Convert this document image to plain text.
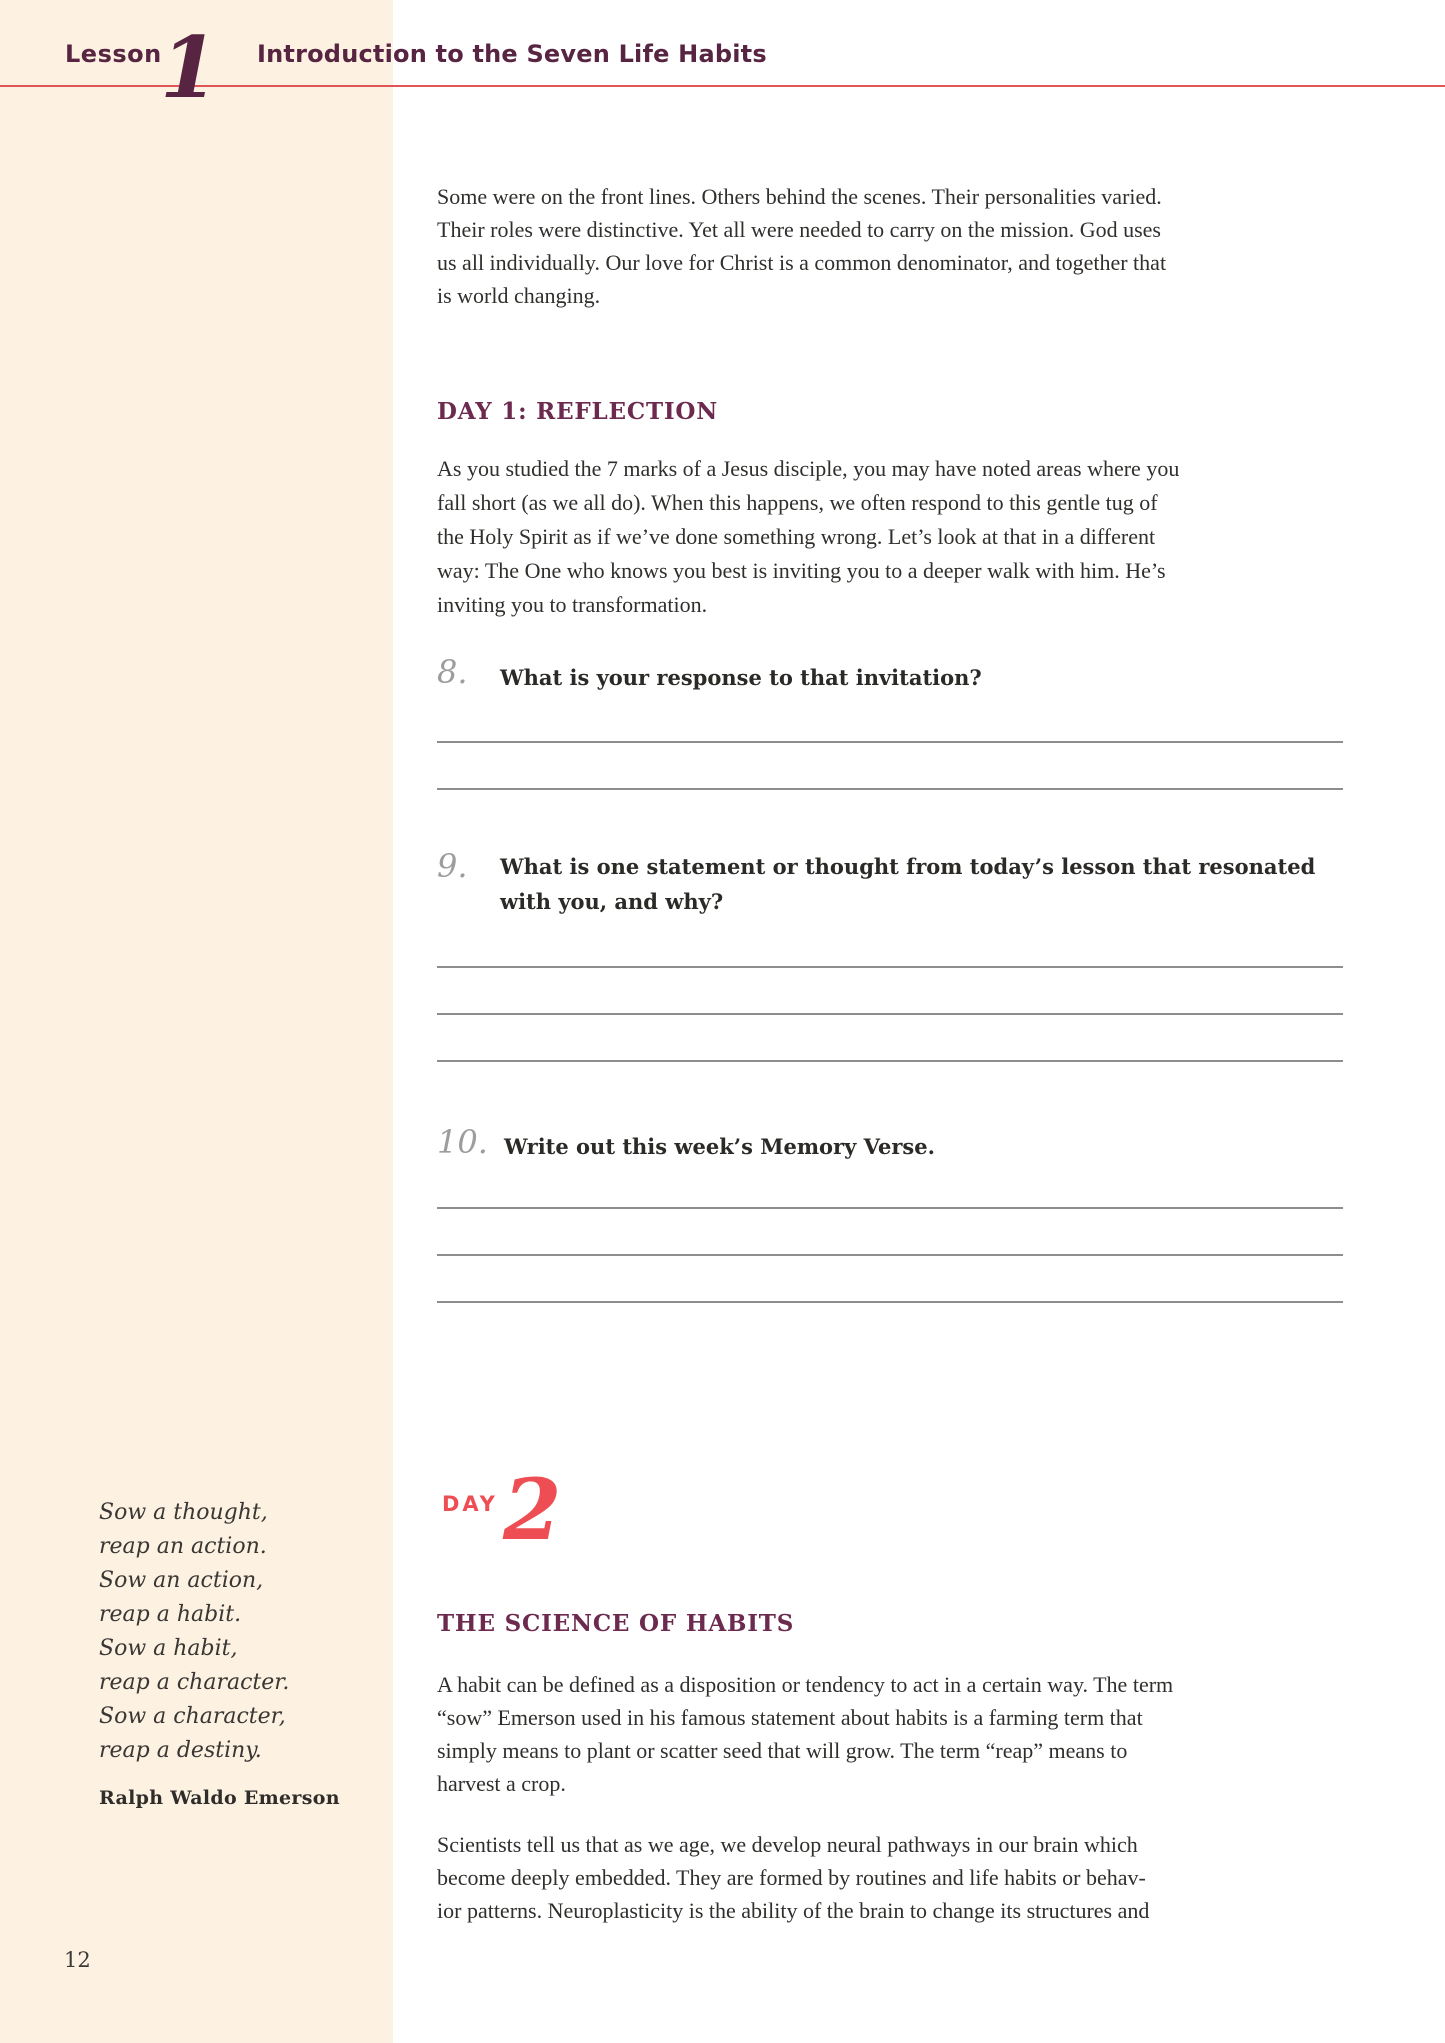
Lesson
1 Introduction to the Seven Life Habits
Some were on the front lines. Others behind the scenes. Their personalities varied.
Their roles were distinctive. Yet all were needed to carry on the mission. God uses
us all individually. Our love for Christ is a common denominator, and together that
is world changing.
DAY 1: REFLECTION
As you studied the 7 marks of a Jesus disciple, you may have noted areas where you
fall short (as we all do). When this happens, we often respond to this gentle tug of
the Holy Spirit as if we’ve done something wrong. Let’s look at that in a different
way: The One who knows you best is inviting you to a deeper walk with him. He’s
inviting you to transformation.
8. What is your response to that invitation?
9. What is one statement or thought from today’s lesson that resonated
with you, and why?
10. Write out this week’s Memory Verse.
Sow a thought,
reap an action.
Sow an action,
reap a habit.
Sow a habit,
reap a character.
Sow a character,
reap a destiny.
Ralph Waldo Emerson
DAY 2
THE SCIENCE OF HABITS
A habit can be defined as a disposition or tendency to act in a certain way. The term
“sow” Emerson used in his famous statement about habits is a farming term that
simply means to plant or scatter seed that will grow. The term “reap” means to
harvest a crop.
Scientists tell us that as we age, we develop neural pathways in our brain which
become deeply embedded. They are formed by routines and life habits or behav-
ior patterns. Neuroplasticity is the ability of the brain to change its structures and
12
